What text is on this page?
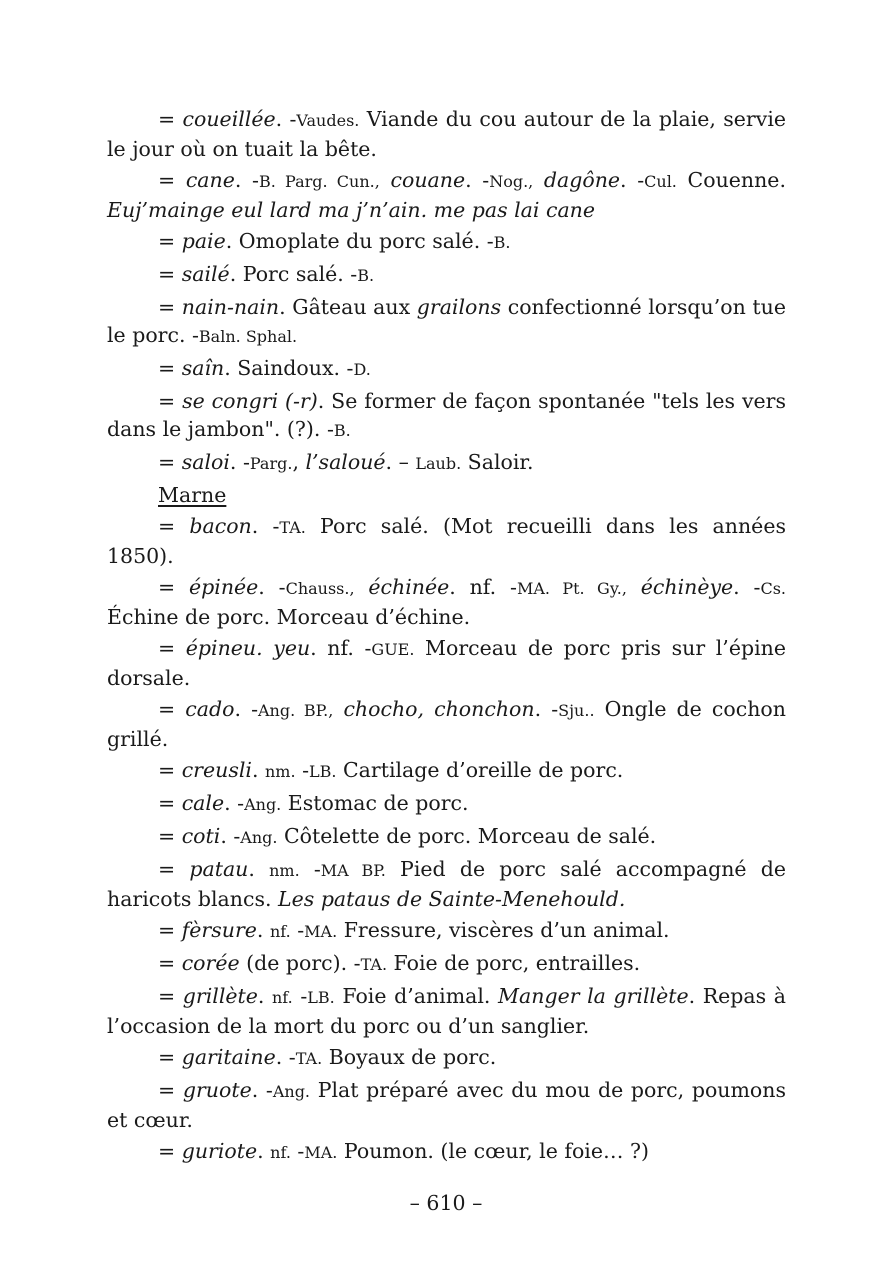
= coueillée. -Vaudes. Viande du cou autour de la plaie, servie le jour où on tuait la bête.

= cane. -B. Parg. Cun., couane. -Nog., dagône. -Cul. Couenne. Euj’mainge eul lard ma j’n’ain. me pas lai cane

= paie. Omoplate du porc salé. -B.

= sailé. Porc salé. -B.

= nain-nain. Gâteau aux grailons confectionné lorsqu’on tue le porc. -Baln. Sphal.

= saîn. Saindoux. -D.

= se congri (-r). Se former de façon spontanée "tels les vers dans le jambon". (?). -B.

= saloi. -Parg., l’saloué. – Laub. Saloir.

Marne

= bacon. -TA. Porc salé. (Mot recueilli dans les années 1850).

= épinée. -Chauss., échinée. nf. -MA. Pt. Gy., échinèye. -Cs. Échine de porc. Morceau d’échine.

= épineu. yeu. nf. -GUE. Morceau de porc pris sur l’épine dorsale.

= cado. -Ang. BP., chocho, chonchon. -Sju.. Ongle de cochon grillé.

= creusli. nm. -LB. Cartilage d’oreille de porc.

= cale. -Ang. Estomac de porc.

= coti. -Ang. Côtelette de porc. Morceau de salé.

= patau. nm. -MA BP. Pied de porc salé accompagné de haricots blancs. Les pataus de Sainte-Menehould.

= fèrsure. nf. -MA. Fressure, viscères d’un animal.

= corée (de porc). -TA. Foie de porc, entrailles.

= grillète. nf. -LB. Foie d’animal. Manger la grillète. Repas à l’occasion de la mort du porc ou d’un sanglier.

= garitaine. -TA. Boyaux de porc.

= gruote. -Ang. Plat préparé avec du mou de porc, poumons et cœur.

= guriote. nf. -MA. Poumon. (le cœur, le foie… ?)

– 610 –
